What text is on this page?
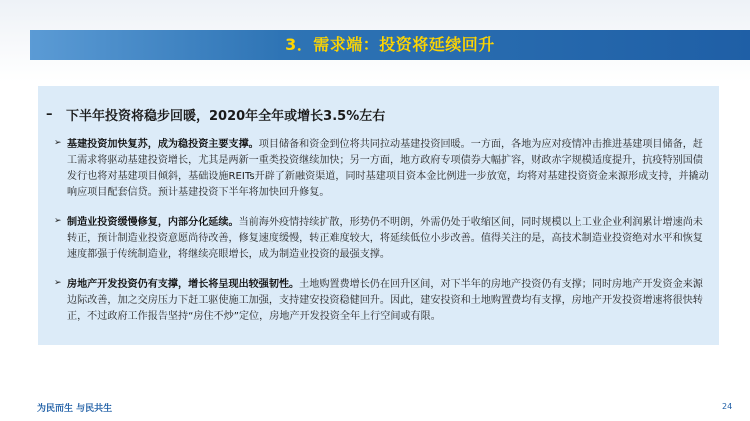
3．需求端：投资将延续回升
–	下半年投资将稳步回暖，2020年全年或增长3.5%左右
➢ 基建投资加快复苏，成为稳投资主要支撑。项目储备和资金到位将共同拉动基建投资回暖。一方面，各地为应对疫情冲击推进基建项目储备，赶工需求将驱动基建投资增长，尤其是两新一重类投资继续加快；另一方面，地方政府专项债券大幅扩容，财政赤字规模适度提升，抗疫特别国债发行也将对基建项目倾斜，基础设施REITs开辟了新融资渠道，同时基建项目资本金比例进一步放宽，均将对基建投资资金来源形成支持，并撬动响应项目配套信贷。预计基建投资下半年将加快回升修复。
➢ 制造业投资缓慢修复，内部分化延续。当前海外疫情持续扩散，形势仍不明朗，外需仍处于收缩区间，同时规模以上工业企业利润累计增速尚未转正，预计制造业投资意愿尚待改善，修复速度缓慢，转正难度较大，将延续低位小步改善。值得关注的是，高技术制造业投资绝对水平和恢复速度都强于传统制造业，将继续亮眼增长，成为制造业投资的最强支撑。
➢ 房地产开发投资仍有支撑，增长将呈现出较强韧性。土地购置费增长仍在回升区间，对下半年的房地产投资仍有支撑；同时房地产开发资金来源边际改善，加之交房压力下赶工驱使施工加强，支持建安投资稳健回升。因此，建安投资和土地购置费均有支撑，房地产开发投资增速将很快转正，不过政府工作报告坚持“房住不炒”定位，房地产开发投资全年上行空间或有限。
为民而生 与民共生	24
